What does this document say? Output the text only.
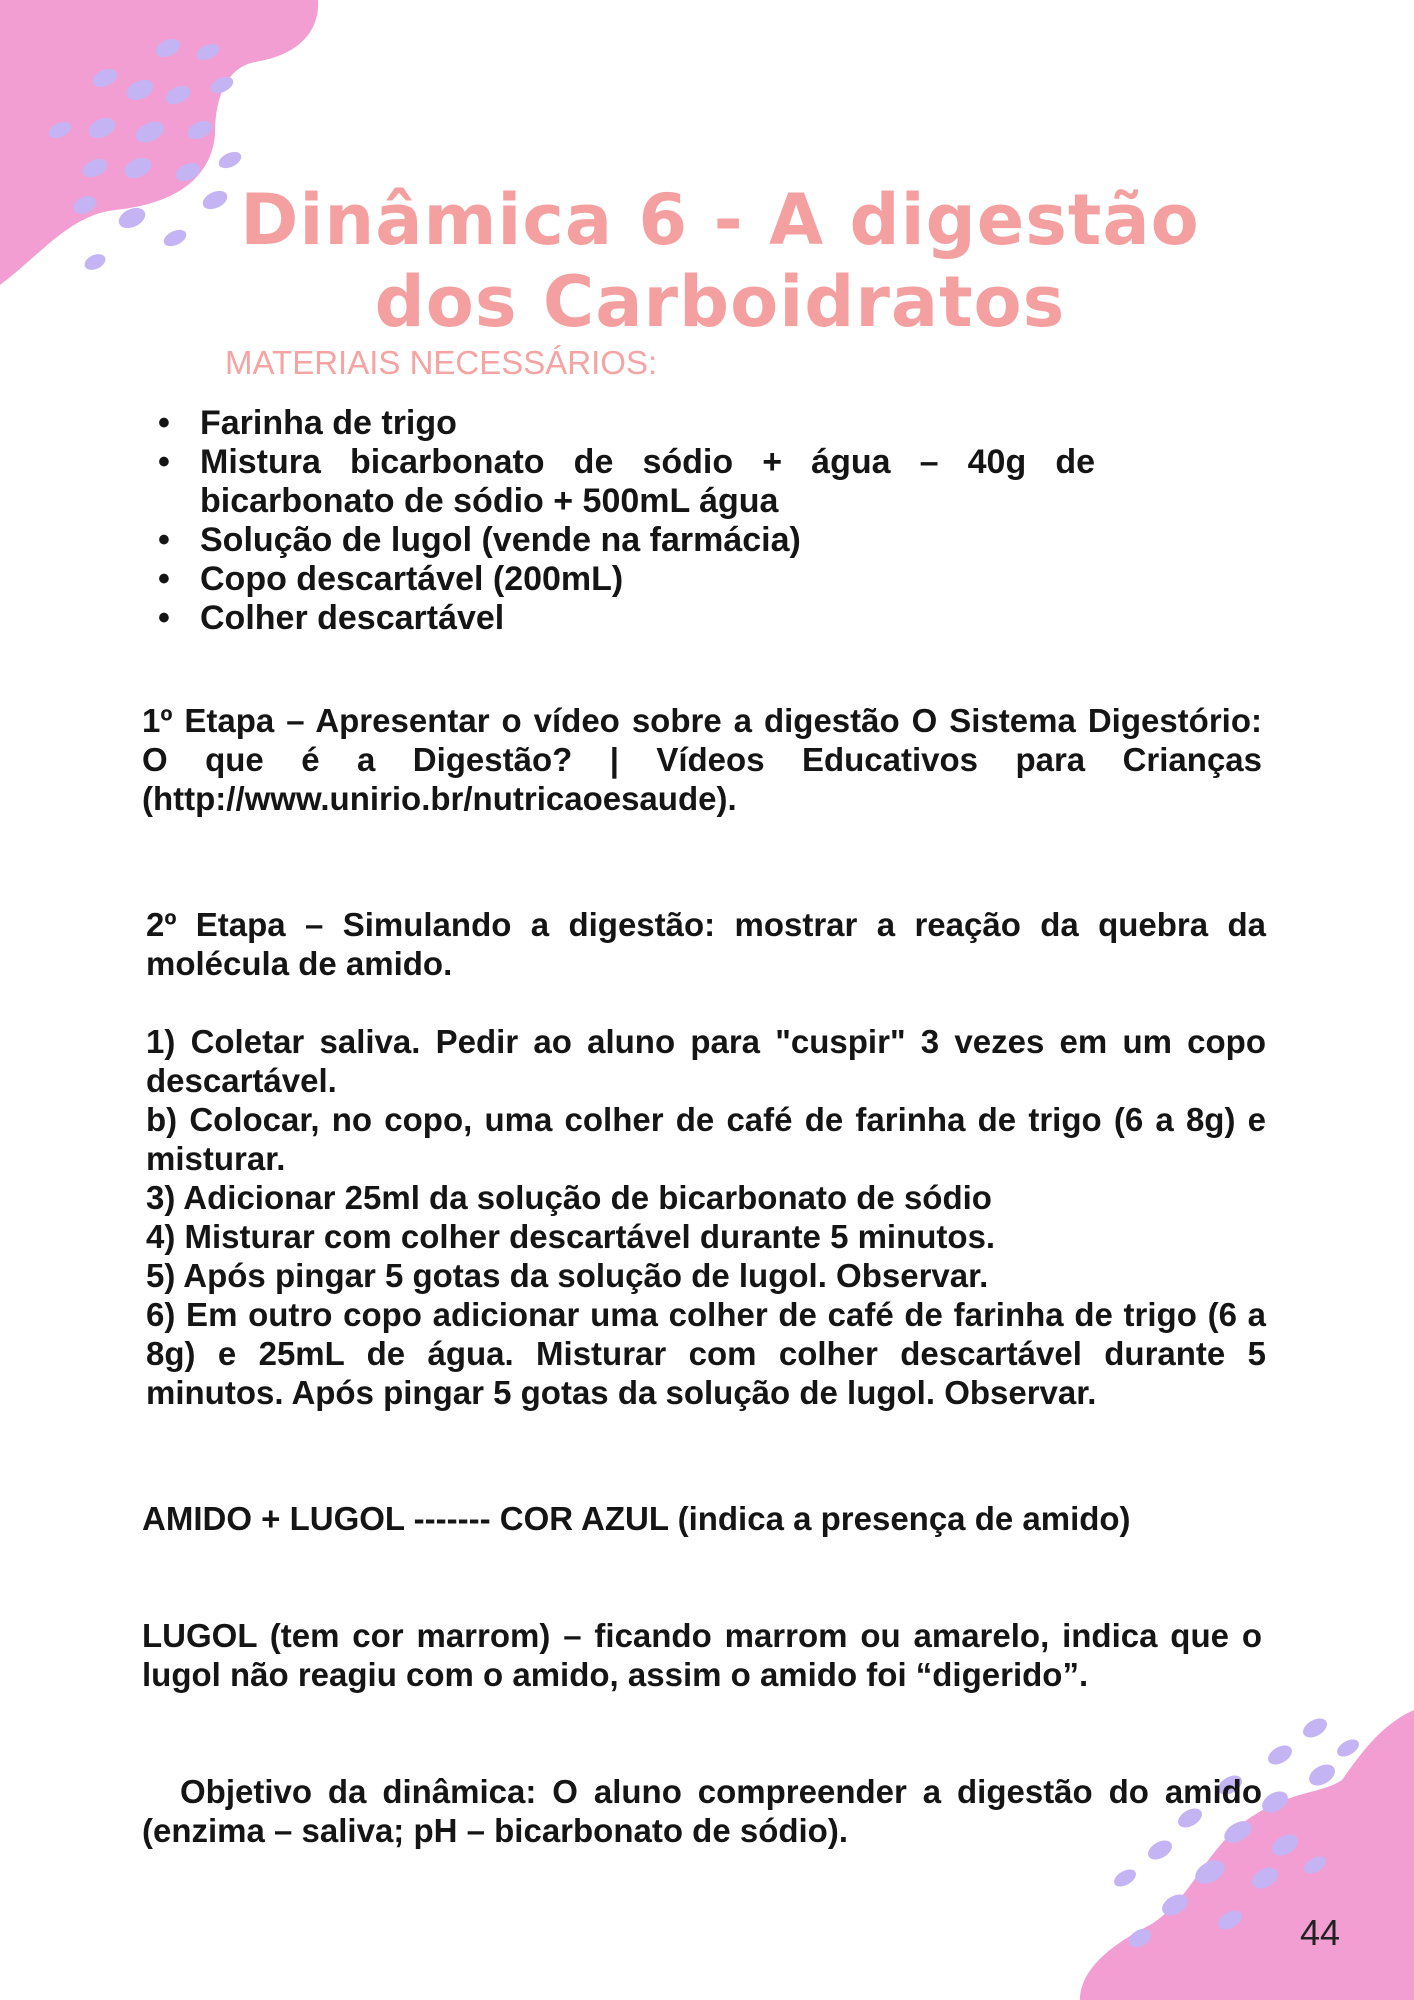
Dinâmica 6 - A digestão
dos Carboidratos
MATERIAIS NECESSÁRIOS:
• Farinha de trigo
• Mistura bicarbonato de sódio + água – 40g de bicarbonato de sódio + 500mL água
• Solução de lugol (vende na farmácia)
• Copo descartável (200mL)
• Colher descartável

1º Etapa – Apresentar o vídeo sobre a digestão O Sistema Digestório: O que é a Digestão? | Vídeos Educativos para Crianças (http://www.unirio.br/nutricaoesaude).

2º Etapa – Simulando a digestão: mostrar a reação da quebra da molécula de amido.

1) Coletar saliva. Pedir ao aluno para "cuspir" 3 vezes em um copo descartável.

b) Colocar, no copo, uma colher de café de farinha de trigo (6 a 8g) e misturar.

3) Adicionar 25ml da solução de bicarbonato de sódio

4) Misturar com colher descartável durante 5 minutos.

5) Após pingar 5 gotas da solução de lugol. Observar.

6) Em outro copo adicionar uma colher de café de farinha de trigo (6 a 8g) e 25mL de água. Misturar com colher descartável durante 5 minutos. Após pingar 5 gotas da solução de lugol. Observar.

AMIDO + LUGOL ------- COR AZUL (indica a presença de amido)

LUGOL (tem cor marrom) – ficando marrom ou amarelo, indica que o lugol não reagiu com o amido, assim o amido foi “digerido”.

Objetivo da dinâmica: O aluno compreender a digestão do amido (enzima – saliva; pH – bicarbonato de sódio).

44
